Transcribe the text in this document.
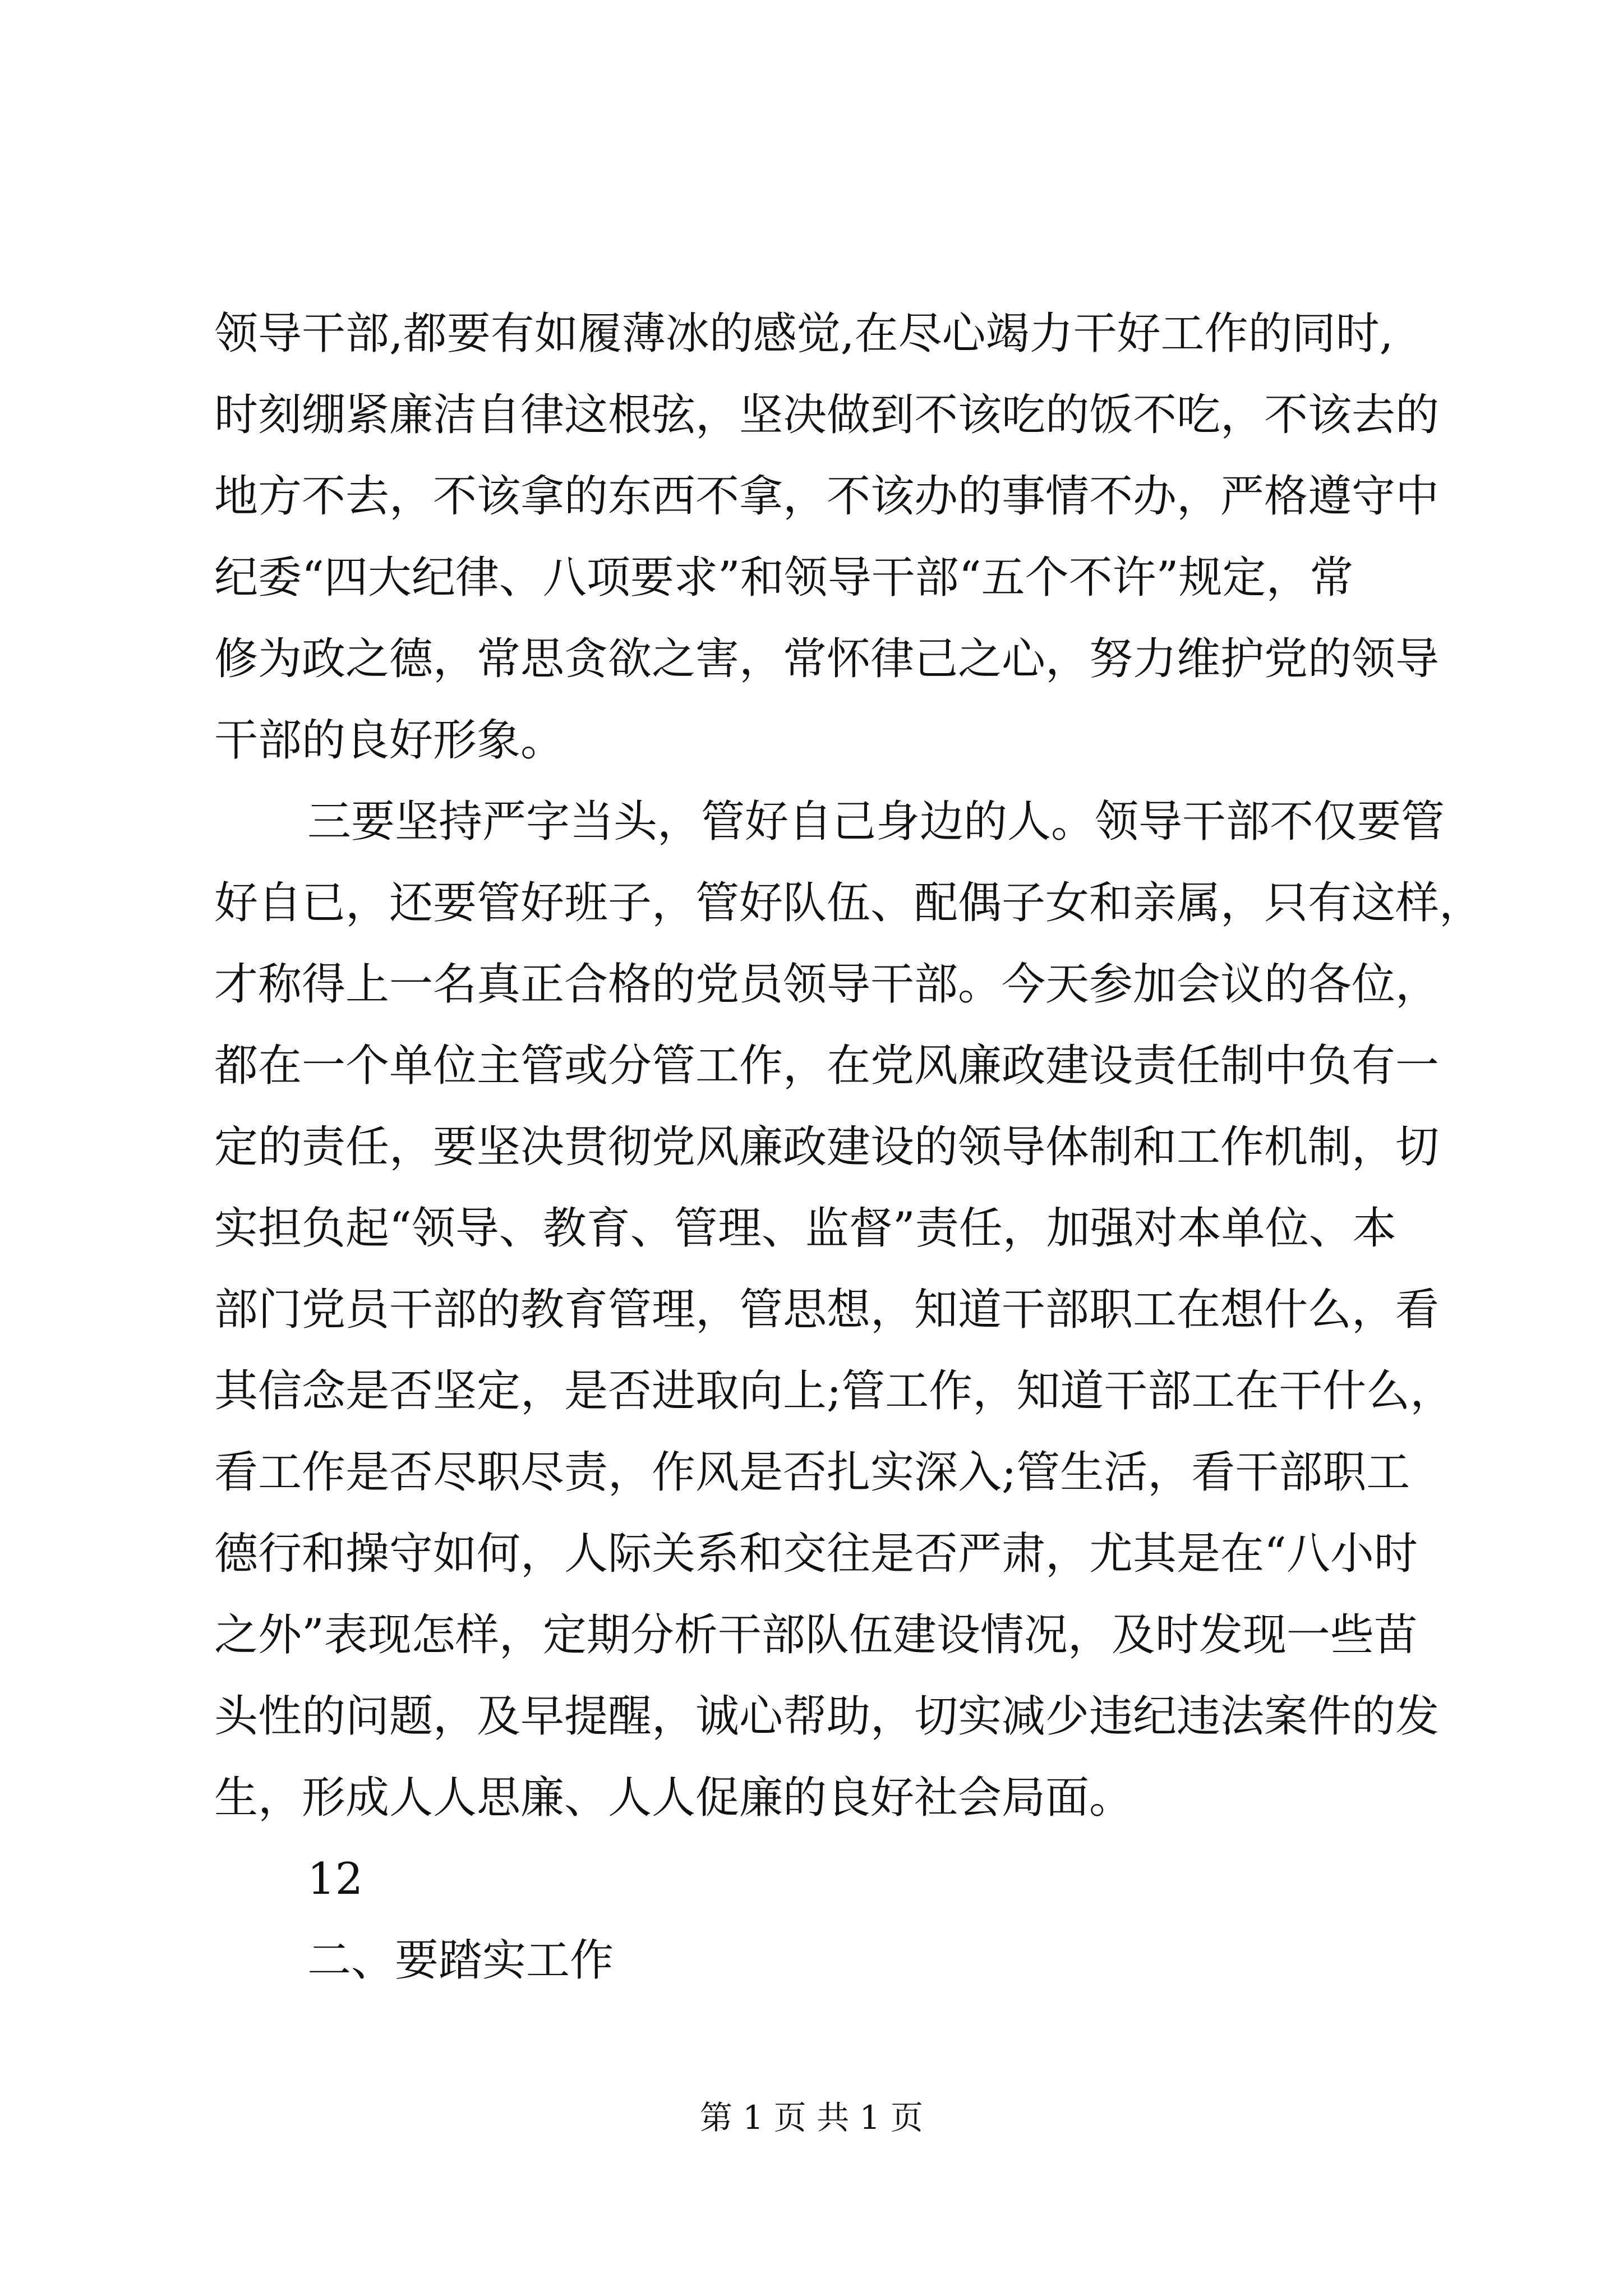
领导干部,都要有如履薄冰的感觉,在尽心竭力干好工作的同时,
时刻绷紧廉洁自律这根弦，坚决做到不该吃的饭不吃，不该去的
地方不去，不该拿的东西不拿，不该办的事情不办，严格遵守中
纪委“四大纪律、八项要求”和领导干部“五个不许”规定，常
修为政之德，常思贪欲之害，常怀律己之心，努力维护党的领导
干部的良好形象。
三要坚持严字当头，管好自己身边的人。领导干部不仅要管
好自已，还要管好班子，管好队伍、配偶子女和亲属，只有这样，
才称得上一名真正合格的党员领导干部。今天参加会议的各位，
都在一个单位主管或分管工作，在党风廉政建设责任制中负有一
定的责任，要坚决贯彻党风廉政建设的领导体制和工作机制，切
实担负起“领导、教育、管理、监督”责任，加强对本单位、本
部门党员干部的教育管理，管思想，知道干部职工在想什么，看
其信念是否坚定，是否进取向上;管工作，知道干部工在干什么，
看工作是否尽职尽责，作风是否扎实深入;管生活，看干部职工
德行和操守如何，人际关系和交往是否严肃，尤其是在“八小时
之外”表现怎样，定期分析干部队伍建设情况，及时发现一些苗
头性的问题，及早提醒，诚心帮助，切实减少违纪违法案件的发
生，形成人人思廉、人人促廉的良好社会局面。
12
二、要踏实工作
第 1 页 共 1 页
